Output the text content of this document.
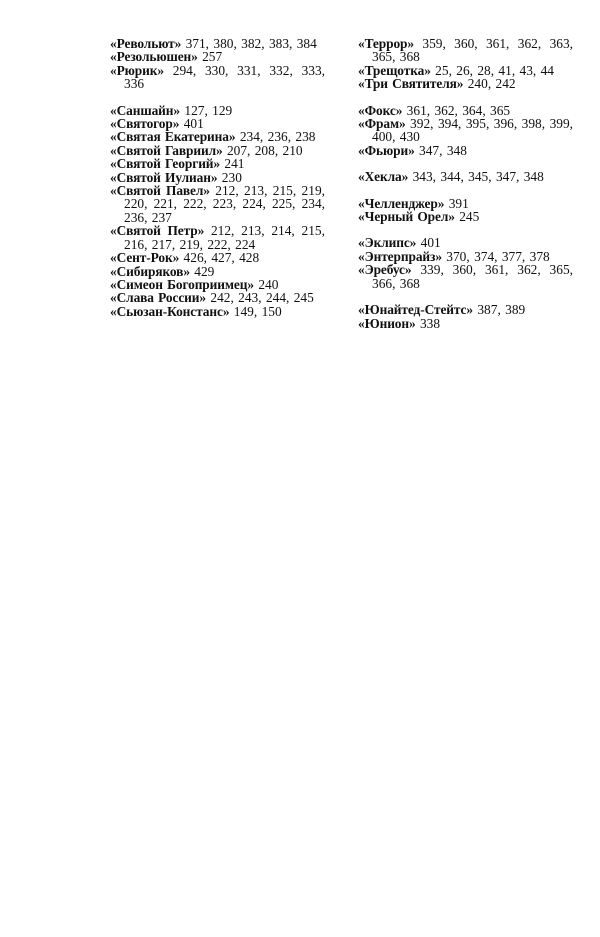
«Револьют» 371, 380, 382, 383, 384

«Резольюшен» 257

«Рюрик» 294, 330, 331, 332, 333, 336

«Саншайн» 127, 129

«Святогор» 401

«Святая Екатерина» 234, 236, 238

«Святой Гавриил» 207, 208, 210

«Святой Георгий» 241

«Святой Иулиан» 230

«Святой Павел» 212, 213, 215, 219, 220, 221, 222, 223, 224, 225, 234, 236, 237

«Святой Петр» 212, 213, 214, 215, 216, 217, 219, 222, 224

«Сент-Рок» 426, 427, 428

«Сибиряков» 429

«Симеон Богоприимец» 240

«Слава России» 242, 243, 244, 245

«Сьюзан-Констанс» 149, 150

«Террор» 359, 360, 361, 362, 363, 365, 368

«Трещотка» 25, 26, 28, 41, 43, 44

«Три Святителя» 240, 242

«Фокс» 361, 362, 364, 365

«Фрам» 392, 394, 395, 396, 398, 399, 400, 430

«Фьюри» 347, 348

«Хекла» 343, 344, 345, 347, 348

«Челленджер» 391

«Черный Орел» 245

«Эклипс» 401

«Энтерпрайз» 370, 374, 377, 378

«Эребус» 339, 360, 361, 362, 365, 366, 368

«Юнайтед-Стейтс» 387, 389

«Юнион» 338
